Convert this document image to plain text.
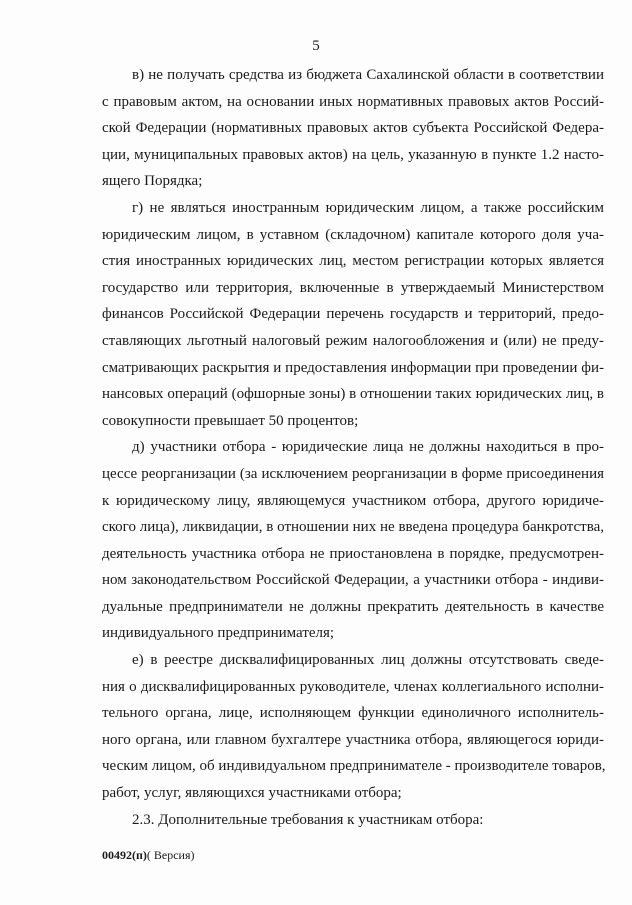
5

в) не получать средства из бюджета Сахалинской области в соответствии
с правовым актом, на основании иных нормативных правовых актов Россий-
ской Федерации (нормативных правовых актов субъекта Российской Федера-
ции, муниципальных правовых актов) на цель, указанную в пункте 1.2 насто-
ящего Порядка;

г) не являться иностранным юридическим лицом, а также российским
юридическим лицом, в уставном (складочном) капитале которого доля уча-
стия иностранных юридических лиц, местом регистрации которых является
государство или территория, включенные в утверждаемый Министерством
финансов Российской Федерации перечень государств и территорий, предо-
ставляющих льготный налоговый режим налогообложения и (или) не преду-
сматривающих раскрытия и предоставления информации при проведении фи-
нансовых операций (офшорные зоны) в отношении таких юридических лиц, в
совокупности превышает 50 процентов;

д) участники отбора - юридические лица не должны находиться в про-
цессе реорганизации (за исключением реорганизации в форме присоединения
к юридическому лицу, являющемуся участником отбора, другого юридиче-
ского лица), ликвидации, в отношении них не введена процедура банкротства,
деятельность участника отбора не приостановлена в порядке, предусмотрен-
ном законодательством Российской Федерации, а участники отбора - индиви-
дуальные предприниматели не должны прекратить деятельность в качестве
индивидуального предпринимателя;

е) в реестре дисквалифицированных лиц должны отсутствовать сведе-
ния о дисквалифицированных руководителе, членах коллегиального исполни-
тельного органа, лице, исполняющем функции единоличного исполнитель-
ного органа, или главном бухгалтере участника отбора, являющегося юриди-
ческим лицом, об индивидуальном предпринимателе - производителе товаров,
работ, услуг, являющихся участниками отбора;

2.3. Дополнительные требования к участникам отбора:

00492(п)( Версия)
